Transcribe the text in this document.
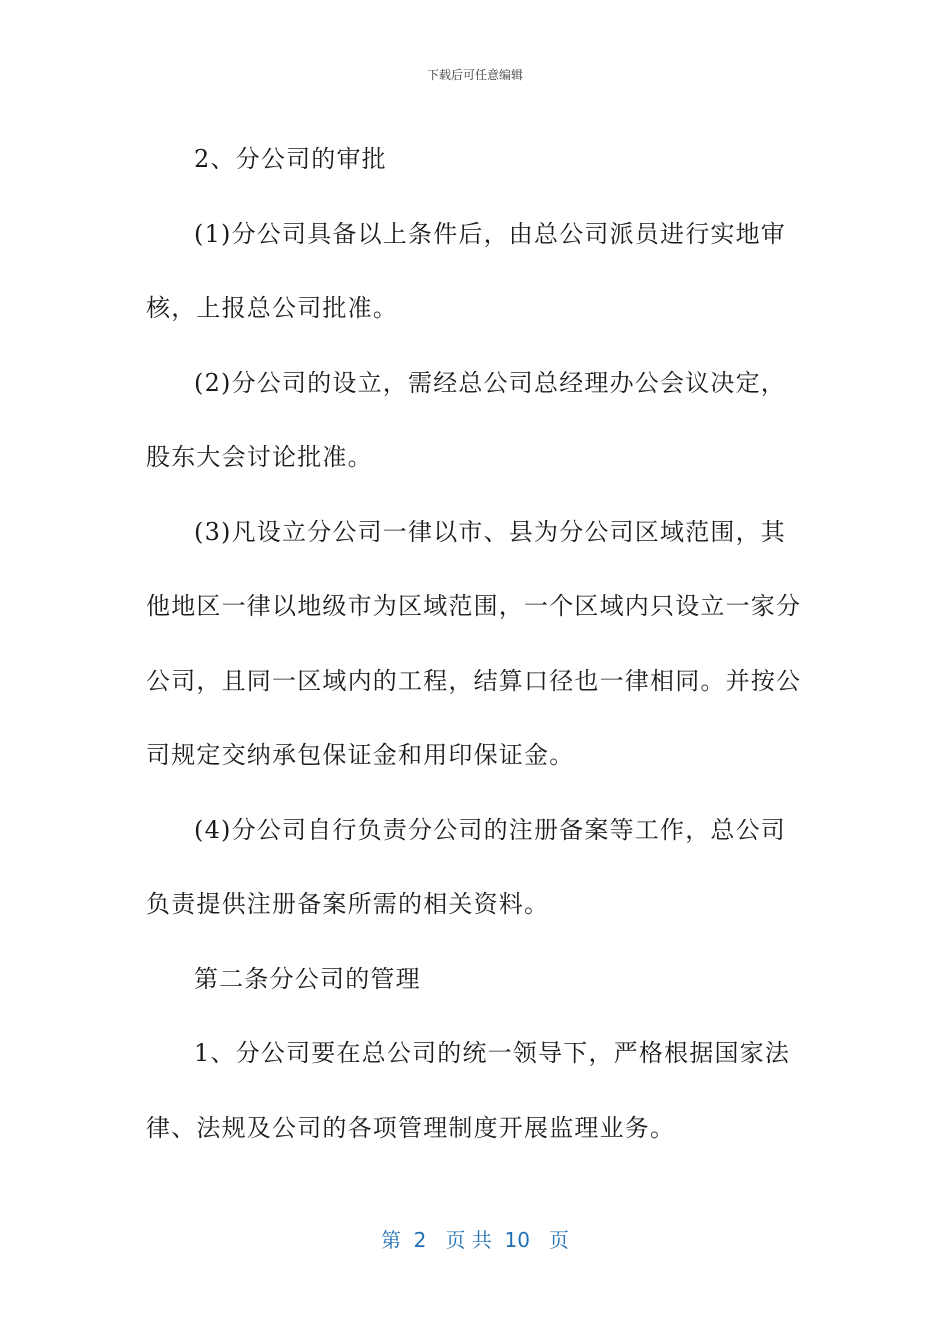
下载后可任意编辑

2、分公司的审批

(1)分公司具备以上条件后，由总公司派员进行实地审核，上报总公司批准。

(2)分公司的设立，需经总公司总经理办公会议决定，股东大会讨论批准。

(3)凡设立分公司一律以市、县为分公司区域范围，其他地区一律以地级市为区域范围，一个区域内只设立一家分公司，且同一区域内的工程，结算口径也一律相同。并按公司规定交纳承包保证金和用印保证金。

(4)分公司自行负责分公司的注册备案等工作，总公司负责提供注册备案所需的相关资料。

第二条分公司的管理

1、分公司要在总公司的统一领导下，严格根据国家法律、法规及公司的各项管理制度开展监理业务。

第  2   页 共  10   页
